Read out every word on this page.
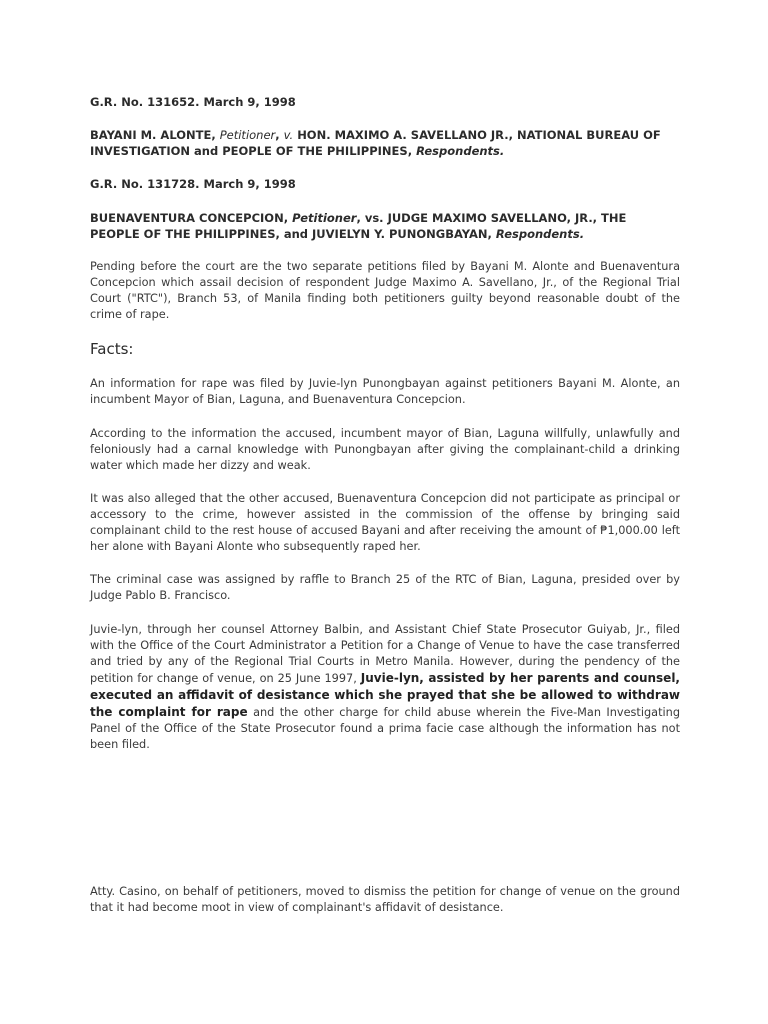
G.R. No. 131652. March 9, 1998
BAYANI M. ALONTE, Petitioner, v. HON. MAXIMO A. SAVELLANO JR., NATIONAL BUREAU OF INVESTIGATION and PEOPLE OF THE PHILIPPINES, Respondents.
G.R. No. 131728. March 9, 1998
BUENAVENTURA CONCEPCION, Petitioner, vs. JUDGE MAXIMO SAVELLANO, JR., THE PEOPLE OF THE PHILIPPINES, and JUVIELYN Y. PUNONGBAYAN, Respondents.
Pending before the court are the two separate petitions filed by Bayani M. Alonte and Buenaventura Concepcion which assail decision of respondent Judge Maximo A. Savellano, Jr., of the Regional Trial Court ("RTC"), Branch 53, of Manila finding both petitioners guilty beyond reasonable doubt of the crime of rape.
Facts:
An information for rape was filed by Juvie-lyn Punongbayan against petitioners Bayani M. Alonte, an incumbent Mayor of Bian, Laguna, and Buenaventura Concepcion.
According to the information the accused, incumbent mayor of Bian, Laguna willfully, unlawfully and feloniously had a carnal knowledge with Punongbayan after giving the complainant-child a drinking water which made her dizzy and weak.
It was also alleged that the other accused, Buenaventura Concepcion did not participate as principal or accessory to the crime, however assisted in the commission of the offense by bringing said complainant child to the rest house of accused Bayani and after receiving the amount of ₱1,000.00 left her alone with Bayani Alonte who subsequently raped her.
The criminal case was assigned by raffle to Branch 25 of the RTC of Bian, Laguna, presided over by Judge Pablo B. Francisco.
Juvie-lyn, through her counsel Attorney Balbin, and Assistant Chief State Prosecutor Guiyab, Jr., filed with the Office of the Court Administrator a Petition for a Change of Venue to have the case transferred and tried by any of the Regional Trial Courts in Metro Manila. However, during the pendency of the petition for change of venue, on 25 June 1997, Juvie-lyn, assisted by her parents and counsel, executed an affidavit of desistance which she prayed that she be allowed to withdraw the complaint for rape and the other charge for child abuse wherein the Five-Man Investigating Panel of the Office of the State Prosecutor found a prima facie case although the information has not been filed.
Atty. Casino, on behalf of petitioners, moved to dismiss the petition for change of venue on the ground that it had become moot in view of complainant's affidavit of desistance.
